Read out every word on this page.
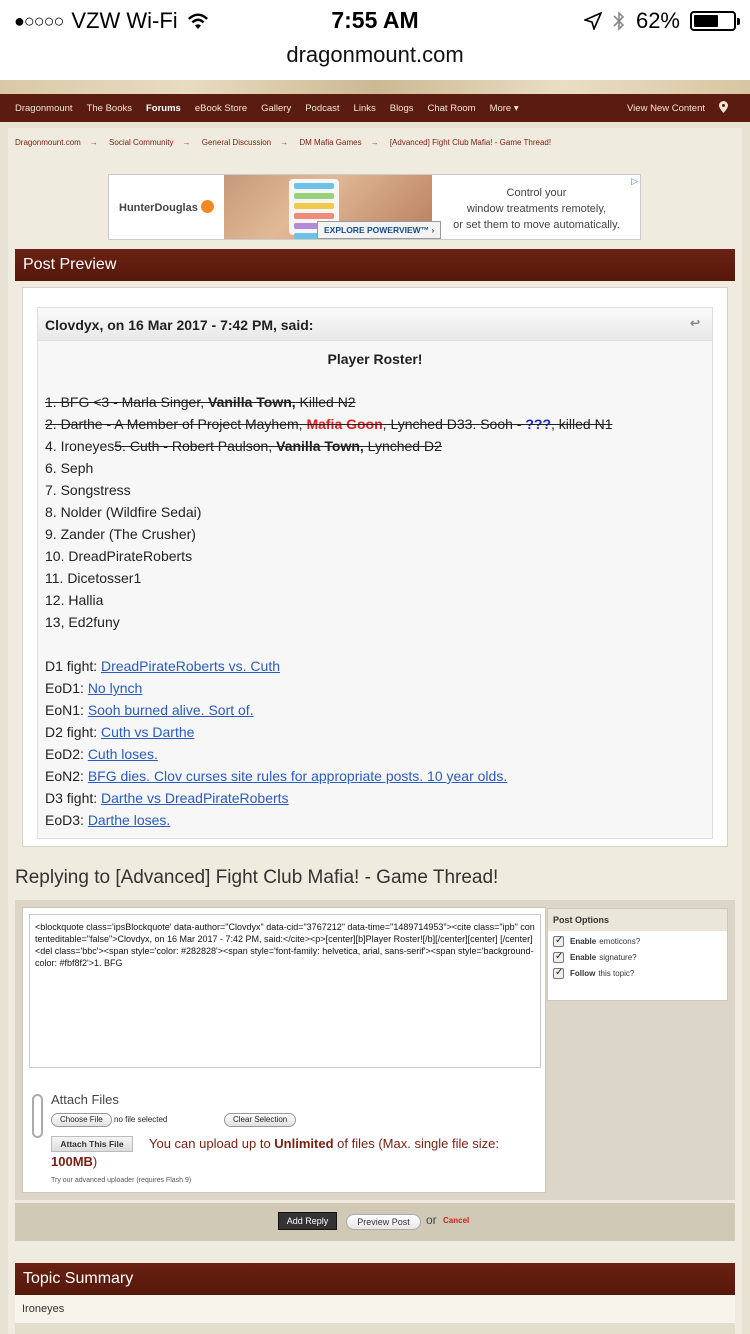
●○○○○ VZW Wi-Fi	7:55 AM	62%
dragonmount.com
Dragonmount	The Books	Forums	eBook Store	Gallery	Podcast	Links	Blogs	Chat Room	More ▾	View New Content
Dragonmount.com → Social Community → General Discussion → DM Mafia Games → [Advanced] Fight Club Mafia! - Game Thread!
HunterDouglas
EXPLORE POWERVIEW™ ›
Control your
window treatments remotely,
or set them to move automatically.
▷
Post Preview
Clovdyx, on 16 Mar 2017 - 7:42 PM, said:	↩
Player Roster!
1. BFG <3 - Marla Singer, Vanilla Town, Killed N2
2. Darthe - A Member of Project Mayhem, Mafia Goon, Lynched D33. Sooh - ???, killed N1
4. Ironeyes5. Cuth - Robert Paulson, Vanilla Town, Lynched D2
6. Seph
7. Songstress
8. Nolder (Wildfire Sedai)
9. Zander (The Crusher)
10. DreadPirateRoberts
11. Dicetosser1
12. Hallia
13, Ed2funy
D1 fight: DreadPirateRoberts vs. Cuth
EoD1: No lynch
EoN1: Sooh burned alive. Sort of.
D2 fight: Cuth vs Darthe
EoD2: Cuth loses.
EoN2: BFG dies. Clov curses site rules for appropriate posts. 10 year olds.
D3 fight: Darthe vs DreadPirateRoberts
EoD3: Darthe loses.
Replying to [Advanced] Fight Club Mafia! - Game Thread!
<blockquote class='ipsBlockquote' data-author="Clovdyx" data-cid="3767212" data-time="1489714953"><cite class="ipb" contenteditable="false">Clovdyx, on 16 Mar 2017 - 7:42 PM, said:</cite><p>[center][b]Player Roster![/b][/center][center] [/center]<del class='bbc'><span style='color: #282828'><span style='font-family: helvetica, arial, sans-serif'><span style='background-color: #fbf8f2'>1. BFG
Attach Files
Choose File	no file selected	Clear Selection
You can upload up to Unlimited of files (Max. single file size: 100MB)
Attach This File
Try our advanced uploader (requires Flash 9)
Post Options
✓
Enable emoticons?
✓
Enable signature?
✓
Follow this topic?
Add Reply	Preview Post	or Cancel
Topic Summary
Ironeyes
